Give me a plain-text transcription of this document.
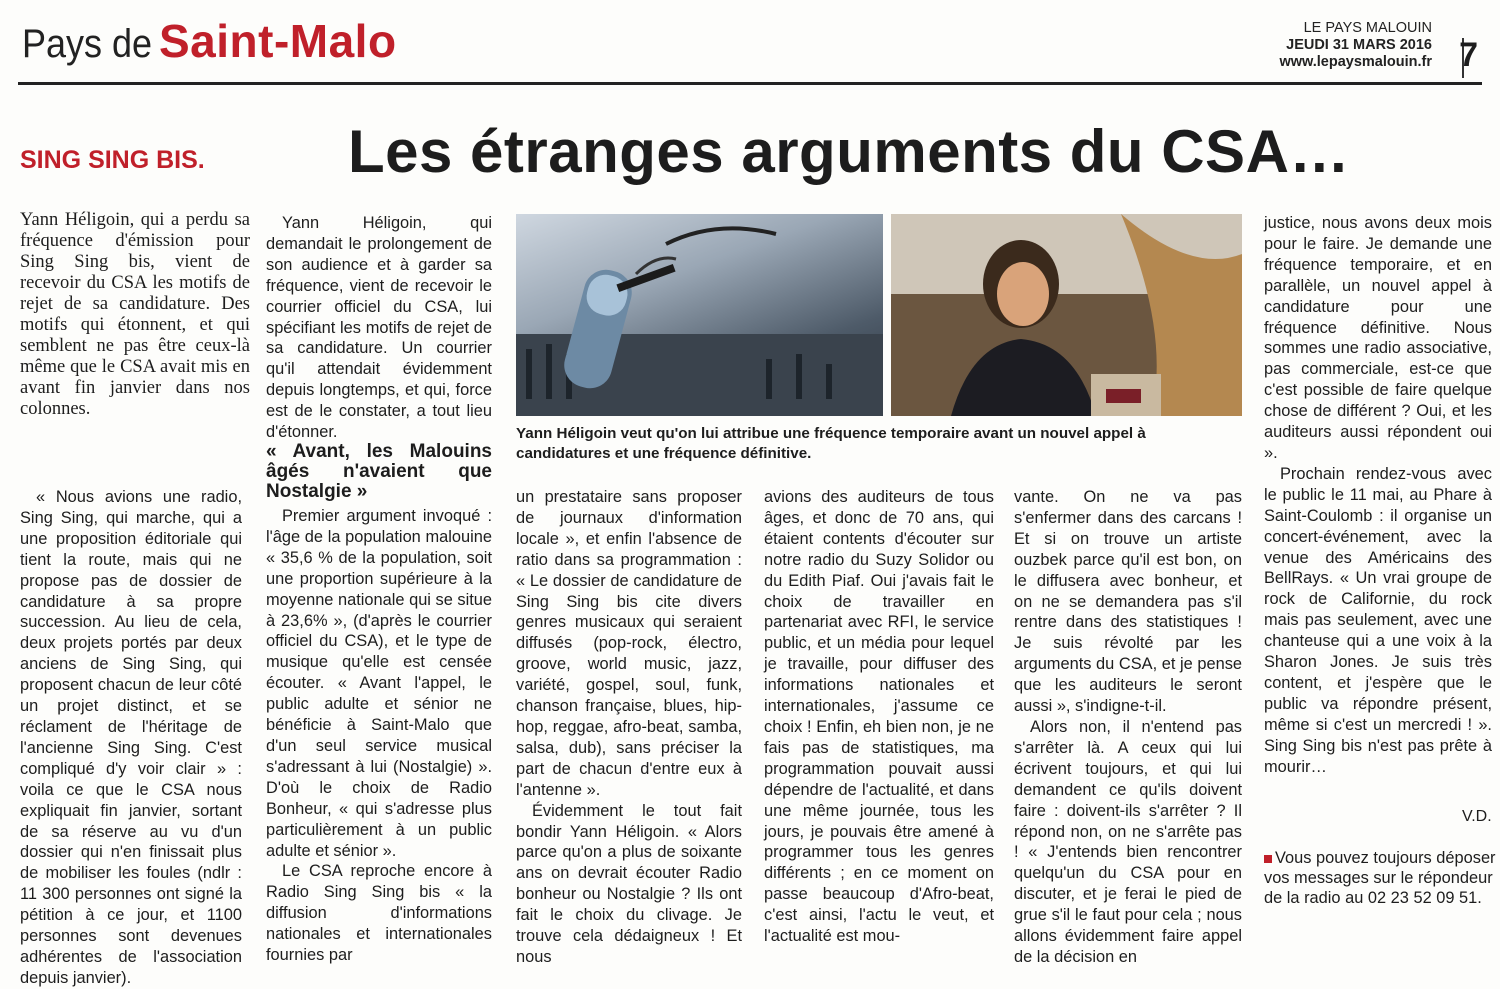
Pays de Saint-Malo	LE PAYS MALOUIN
JEUDI 31 MARS 2016
www.lepaysmalouin.fr 7
SING SING BIS. Les étranges arguments du CSA…

Yann Héligoin, qui a perdu sa fréquence d'émission pour Sing Sing bis, vient de recevoir du CSA les motifs de rejet de sa candidature. Des motifs qui étonnent, et qui semblent ne pas être ceux-là même que le CSA avait mis en avant fin janvier dans nos colonnes.

« Nous avions une radio, Sing Sing, qui marche, qui a une proposition éditoriale qui tient la route, mais qui ne propose pas de dossier de candidature à sa propre succession. Au lieu de cela, deux projets portés par deux anciens de Sing Sing, qui proposent chacun de leur côté un projet distinct, et se réclament de l'héritage de l'ancienne Sing Sing. C'est compliqué d'y voir clair » : voila ce que le CSA nous expliquait fin janvier, sortant de sa réserve au vu d'un dossier qui n'en finissait plus de mobiliser les foules (ndlr : 11 300 personnes ont signé la pétition à ce jour, et 1100 personnes sont devenues adhérentes de l'association depuis janvier).

Yann Héligoin, qui demandait le prolongement de son audience et à garder sa fréquence, vient de recevoir le courrier officiel du CSA, lui spécifiant les motifs de rejet de sa candidature. Un courrier qu'il attendait évidemment depuis longtemps, et qui, force est de le constater, a tout lieu d'étonner.

« Avant, les Malouins âgés n'avaient que Nostalgie »

Premier argument invoqué : l'âge de la population malouine « 35,6 % de la population, soit une proportion supérieure à la moyenne nationale qui se situe à 23,6% », (d'après le courrier officiel du CSA), et le type de musique qu'elle est censée écouter. « Avant l'appel, le public adulte et sénior ne bénéficie à Saint-Malo que d'un seul service musical s'adressant à lui (Nostalgie) ». D'où le choix de Radio Bonheur, « qui s'adresse plus particulièrement à un public adulte et sénior ».

Le CSA reproche encore à Radio Sing Sing bis « la diffusion d'informations nationales et internationales fournies par

Yann Héligoin veut qu'on lui attribue une fréquence temporaire avant un nouvel appel à candidatures et une fréquence définitive.

un prestataire sans proposer de journaux d'information locale », et enfin l'absence de ratio dans sa programmation : « Le dossier de candidature de Sing Sing bis cite divers genres musicaux qui seraient diffusés (pop-rock, électro, groove, world music, jazz, variété, gospel, soul, funk, chanson française, blues, hip-hop, reggae, afro-beat, samba, salsa, dub), sans préciser la part de chacun d'entre eux à l'antenne ».

Évidemment le tout fait bondir Yann Héligoin. « Alors parce qu'on a plus de soixante ans on devrait écouter Radio bonheur ou Nostalgie ? Ils ont fait le choix du clivage. Je trouve cela dédaigneux ! Et nous

avions des auditeurs de tous âges, et donc de 70 ans, qui étaient contents d'écouter sur notre radio du Suzy Solidor ou du Edith Piaf. Oui j'avais fait le choix de travailler en partenariat avec RFI, le service public, et un média pour lequel je travaille, pour diffuser des informations nationales et internationales, j'assume ce choix ! Enfin, eh bien non, je ne fais pas de statistiques, ma programmation pouvait aussi dépendre de l'actualité, et dans une même journée, tous les jours, je pouvais être amené à programmer tous les genres différents ; en ce moment on passe beaucoup d'Afro-beat, c'est ainsi, l'actu le veut, et l'actualité est mou-

vante. On ne va pas s'enfermer dans des carcans ! Et si on trouve un artiste ouzbek parce qu'il est bon, on le diffusera avec bonheur, et on ne se demandera pas s'il rentre dans des statistiques ! Je suis révolté par les arguments du CSA, et je pense que les auditeurs le seront aussi », s'indigne-t-il.

Alors non, il n'entend pas s'arrêter là. A ceux qui lui écrivent toujours, et qui lui demandent ce qu'ils doivent faire : doivent-ils s'arrêter ? Il répond non, on ne s'arrête pas ! « J'entends bien rencontrer quelqu'un du CSA pour en discuter, et je ferai le pied de grue s'il le faut pour cela ; nous allons évidemment faire appel de la décision en

justice, nous avons deux mois pour le faire. Je demande une fréquence temporaire, et en parallèle, un nouvel appel à candidature pour une fréquence définitive. Nous sommes une radio associative, pas commerciale, est-ce que c'est possible de faire quelque chose de différent ? Oui, et les auditeurs aussi répondent oui ».

Prochain rendez-vous avec le public le 11 mai, au Phare à Saint-Coulomb : il organise un concert-événement, avec la venue des Américains des BellRays. « Un vrai groupe de rock de Californie, du rock mais pas seulement, avec une chanteuse qui a une voix à la Sharon Jones. Je suis très content, et j'espère que le public va répondre présent, même si c'est un mercredi ! ». Sing Sing bis n'est pas prête à mourir…

V.D.
Vous pouvez toujours déposer vos messages sur le répondeur de la radio au 02 23 52 09 51.
